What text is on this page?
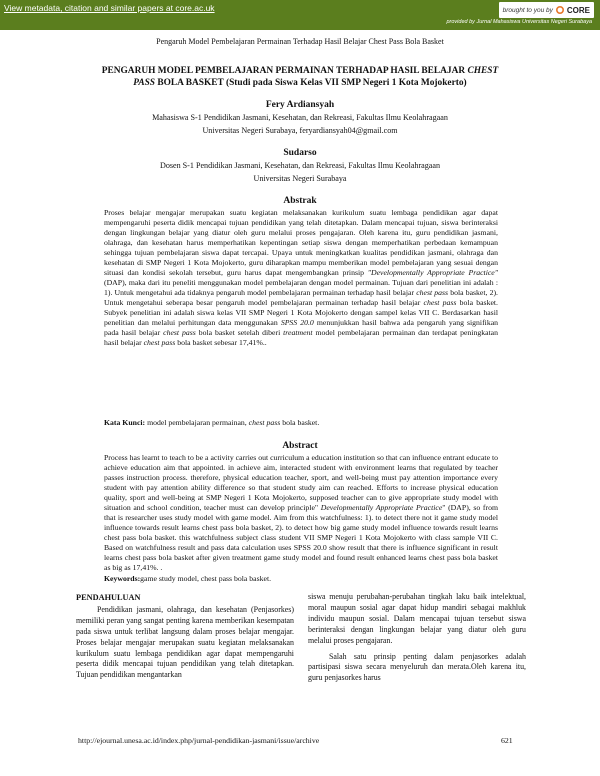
View metadata, citation and similar papers at core.ac.uk
provided by Jurnal Mahasiswa Universitas Negeri Surabaya
brought to you by CORE
Pengaruh Model Pembelajaran Permainan Terhadap Hasil Belajar Chest Pass Bola Basket
PENGARUH MODEL PEMBELAJARAN PERMAINAN TERHADAP HASIL BELAJAR CHEST
PASS BOLA BASKET (Studi pada Siswa Kelas VII SMP Negeri 1 Kota Mojokerto)
Fery Ardiansyah
Mahasiswa S-1 Pendidikan Jasmani, Kesehatan, dan Rekreasi, Fakultas Ilmu Keolahragaan
Universitas Negeri Surabaya, feryardiansyah04@gmail.com
Sudarso
Dosen S-1 Pendidikan Jasmani, Kesehatan, dan Rekreasi, Fakultas Ilmu Keolahragaan
Universitas Negeri Surabaya
Abstrak

Proses belajar mengajar merupakan suatu kegiatan melaksanakan kurikulum suatu lembaga pendidikan agar dapat mempengaruhi peserta didik mencapai tujuan pendidikan yang telah ditetapkan. Dalam mencapai tujuan, siswa berinteraksi dengan lingkungan belajar yang diatur oleh guru melalui proses pengajaran. Oleh karena itu, guru pendidikan jasmani, olahraga, dan kesehatan harus memperhatikan kepentingan setiap siswa dengan memperhatikan perbedaan kemampuan sehingga tujuan pembelajaran siswa dapat tercapai. Upaya untuk meningkatkan kualitas pendidikan jasmani, olahraga dan kesehatan di SMP Negeri 1 Kota Mojokerto, guru diharapkan mampu memberikan model pembelajaran yang sesuai dengan situasi dan kondisi sekolah tersebut, guru harus dapat mengembangkan prinsip "Developmentally Appropriate Practice" (DAP), maka dari itu peneliti menggunakan model pembelajaran dengan model permainan. Tujuan dari penelitian ini adalah : 1). Untuk mengetahui ada tidaknya pengaruh model pembelajaran permainan terhadap hasil belajar chest pass bola basket, 2). Untuk mengetahui seberapa besar pengaruh model pembelajaran permainan terhadap hasil belajar chest pass bola basket. Subyek penelitian ini adalah siswa kelas VII SMP Negeri 1 Kota Mojokerto dengan sampel kelas VII C. Berdasarkan hasil penelitian dan melalui perhitungan data menggunakan SPSS 20.0 menunjukkan hasil bahwa ada pengaruh yang signifikan pada hasil belajar chest pass bola basket setelah diberi treatment model pembelajaran permainan dan terdapat peningkatan hasil belajar chest pass bola basket sebesar 17,41%..

Kata Kunci: model pembelajaran permainan, chest pass bola basket.
Abstract

Process has learnt to teach to be a activity carries out curriculum a education institution so that can influence entrant educate to achieve education aim that appointed. in achieve aim, interacted student with environment learns that regulated by teacher passes instruction process. therefore, physical education teacher, sport, and well-being must pay attention importance every student with pay attention ability difference so that student study aim can reached. Efforts to increase physical education quality, sport and well-being at SMP Negeri 1 Kota Mojokerto, supposed teacher can to give appropriate study model with situation and school condition, teacher must can develop principle" Developmentally Appropriate Practice" (DAP), so from that is researcher uses study model with game model. Aim from this watchfulness: 1). to detect there not it game study model influence towards result learns chest pass bola basket, 2). to detect how big game study model influence towards result learns chest pass bola basket. this watchfulness subject class student VII SMP Negeri 1 Kota Mojokerto with class sample VII C. Based on watchfulness result and pass data calculation uses SPSS 20.0 show result that there is influence significant in result learns chest pass bola basket after given treatment game study model and found result enhanced learns chest pass bola basket as big as 17,41%. .

Keywords:game study model, chest pass bola basket.

PENDAHULUAN

Pendidikan jasmani, olahraga, dan kesehatan (Penjasorkes) memiliki peran yang sangat penting karena memberikan kesempatan pada siswa untuk terlibat langsung dalam proses belajar mengajar. Proses belajar mengajar merupakan suatu kegiatan melaksanakan kurikulum suatu lembaga pendidikan agar dapat mempengaruhi peserta didik mencapai tujuan pendidikan yang telah ditetapkan. Tujuan pendidikan mengantarkan

siswa menuju perubahan-perubahan tingkah laku baik intelektual, moral maupun sosial agar dapat hidup mandiri sebagai makhluk individu maupun sosial. Dalam mencapai tujuan tersebut siswa berinteraksi dengan lingkungan belajar yang diatur oleh guru melalui proses pengajaran.

Salah satu prinsip penting dalam penjasorkes adalah partisipasi siswa secara menyeluruh dan merata.Oleh karena itu, guru penjasorkes harus

http://ejournal.unesa.ac.id/index.php/jurnal-pendidikan-jasmani/issue/archive	621
